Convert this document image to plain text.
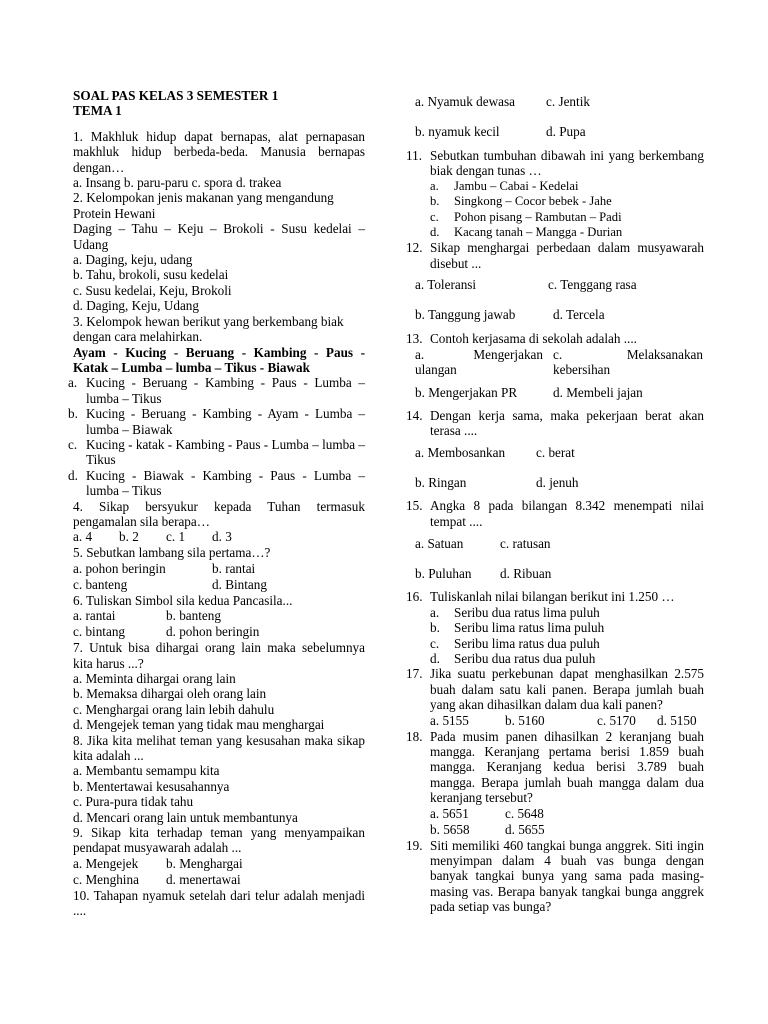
SOAL PAS KELAS 3 SEMESTER 1
TEMA 1

1. Makhluk hidup dapat bernapas, alat pernapasan makhluk hidup berbeda-beda. Manusia bernapas dengan…

a. Insang b. paru-paru c. spora d. trakea

2. Kelompokan jenis makanan yang mengandung Protein Hewani

Daging – Tahu – Keju – Brokoli - Susu kedelai – Udang

a. Daging, keju, udang

b. Tahu, brokoli, susu kedelai

c. Susu kedelai, Keju, Brokoli

d. Daging, Keju, Udang

3. Kelompok hewan berikut yang berkembang biak dengan cara melahirkan.

Ayam - Kucing - Beruang - Kambing - Paus - Katak – Lumba – lumba – Tikus - Biawak

a. Kucing - Beruang - Kambing - Paus - Lumba – lumba – Tikus
b. Kucing - Beruang - Kambing - Ayam - Lumba – lumba – Biawak
c. Kucing - katak - Kambing - Paus - Lumba – lumba – Tikus
d. Kucing - Biawak - Kambing - Paus - Lumba – lumba – Tikus

4. Sikap bersyukur kepada Tuhan termasuk pengamalan sila berapa…

a. 4 b. 2 c. 1 d. 3

5. Sebutkan lambang sila pertama…?

a. pohon beringin	b. rantai
c. banteng	d. Bintang

6. Tuliskan Simbol sila kedua Pancasila...

a. rantai	b. banteng
c. bintang	d. pohon beringin

7. Untuk bisa dihargai orang lain maka sebelumnya kita harus ...?

a. Meminta dihargai orang lain

b. Memaksa dihargai oleh orang lain

c. Menghargai orang lain lebih dahulu

d. Mengejek teman yang tidak mau menghargai

8. Jika kita melihat teman yang kesusahan maka sikap kita adalah ...

a. Membantu semampu kita

b. Mentertawai kesusahannya

c. Pura-pura tidak tahu

d. Mencari orang lain untuk membantunya

9. Sikap kita terhadap teman yang menyampaikan pendapat musyawarah adalah ...

a. Mengejek b. Menghargai
c. Menghina d. menertawai

10. Tahapan nyamuk setelah dari telur adalah menjadi ....

a. Nyamuk dewasa c. Jentik
b. nyamuk kecil	d. Pupa
11. Sebutkan tumbuhan dibawah ini yang berkembang biak dengan tunas …

a. Jambu – Cabai - Kedelai
b. Singkong – Cocor bebek - Jahe
c. Pohon pisang – Rambutan – Padi
d. Kacang tanah – Mangga - Durian
12. Sikap menghargai perbedaan dalam musyawarah disebut ...

a. Toleransi	c. Tenggang rasa
b. Tanggung jawab	d. Tercela
13. Contoh kerjasama di sekolah adalah ....

a. Mengerjakan
ulangan
c. Melaksanakan
kebersihan
b. Mengerjakan PR	d. Membeli jajan
14. Dengan kerja sama, maka pekerjaan berat akan terasa ....

a. Membosankan c. berat
b. Ringan	d. jenuh
15. Angka 8 pada bilangan 8.342 menempati nilai tempat ....

a. Satuan	c. ratusan
b. Puluhan d. Ribuan
16. Tuliskanlah nilai bilangan berikut ini 1.250 …

a. Seribu dua ratus lima puluh
b. Seribu lima ratus lima puluh
c. Seribu lima ratus dua puluh
d. Seribu dua ratus dua puluh
17. Jika suatu perkebunan dapat menghasilkan 2.575 buah dalam satu kali panen. Berapa jumlah buah yang akan dihasilkan dalam dua kali panen?

a. 5155	b. 5160	c. 5170 d. 5150
18. Pada musim panen dihasilkan 2 keranjang buah mangga. Keranjang pertama berisi 1.859 buah mangga. Keranjang kedua berisi 3.789 buah mangga. Berapa jumlah buah mangga dalam dua keranjang tersebut?

a. 5651	c. 5648
b. 5658	d. 5655
19. Siti memiliki 460 tangkai bunga anggrek. Siti ingin menyimpan dalam 4 buah vas bunga dengan banyak tangkai bunya yang sama pada masing-masing vas. Berapa banyak tangkai bunga anggrek pada setiap vas bunga?
